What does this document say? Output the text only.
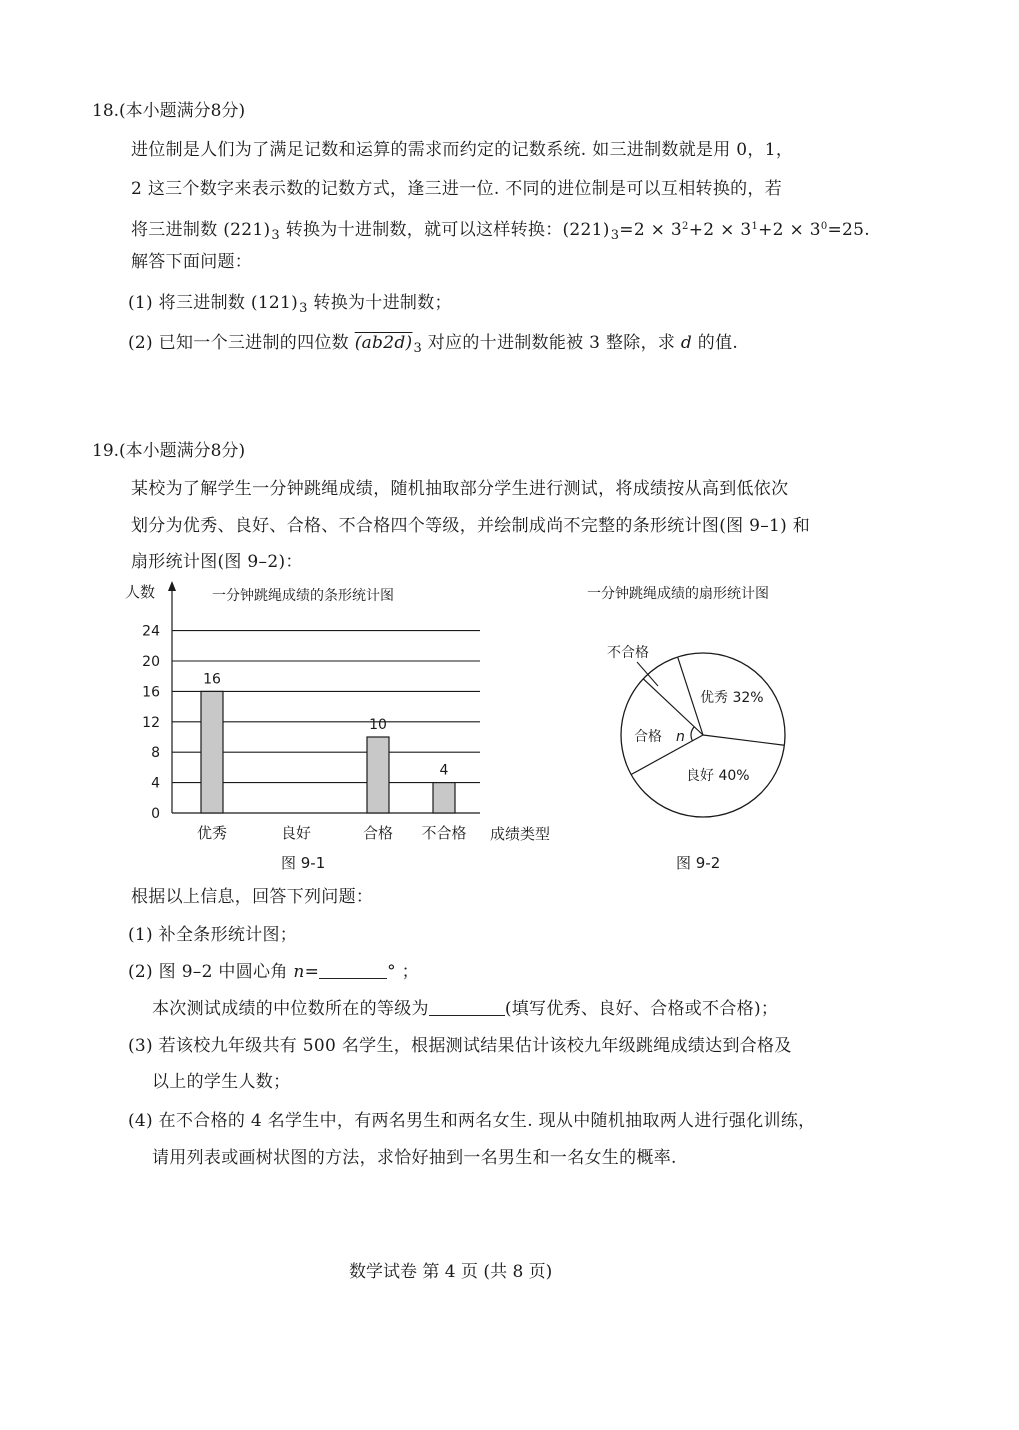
18.(本小题满分8分)
进位制是人们为了满足记数和运算的需求而约定的记数系统. 如三进制数就是用 0，1，
2 这三个数字来表示数的记数方式，逢三进一位. 不同的进位制是可以互相转换的，若
将三进制数 $(221)_3$ 转换为十进制数，就可以这样转换：$(221)_3=2 \times 3^2+2 \times 3^1+2 \times 3^0=25$.
解答下面问题：
(1) 将三进制数 $(121)_3$ 转换为十进制数；
(2) 已知一个三进制的四位数 $(ab2d)_3$ 对应的十进制数能被 3 整除，求 d 的值.
19.(本小题满分8分)
某校为了解学生一分钟跳绳成绩，随机抽取部分学生进行测试，将成绩按从高到低依次
划分为优秀、良好、合格、不合格四个等级，并绘制成尚不完整的条形统计图(图 9–1) 和
扇形统计图(图 9–2)：
人数	一分钟跳绳成绩的条形统计图
0
4
8
12
16
20
24
16
优秀	良好
10
合格
4
不合格 成绩类型
图 9-1
一分钟跳绳成绩的扇形统计图
优秀 32%
良好 40%
合格
不合格
n
图 9-2
根据以上信息，回答下列问题：
(1) 补全条形统计图；
(2) 图 9–2 中圆心角 n=	° ；
本次测试成绩的中位数所在的等级为	(填写优秀、良好、合格或不合格)；
(3) 若该校九年级共有 500 名学生，根据测试结果估计该校九年级跳绳成绩达到合格及
以上的学生人数；
(4) 在不合格的 4 名学生中，有两名男生和两名女生. 现从中随机抽取两人进行强化训练，
请用列表或画树状图的方法，求恰好抽到一名男生和一名女生的概率.
数学试卷 第 4 页 (共 8 页)
